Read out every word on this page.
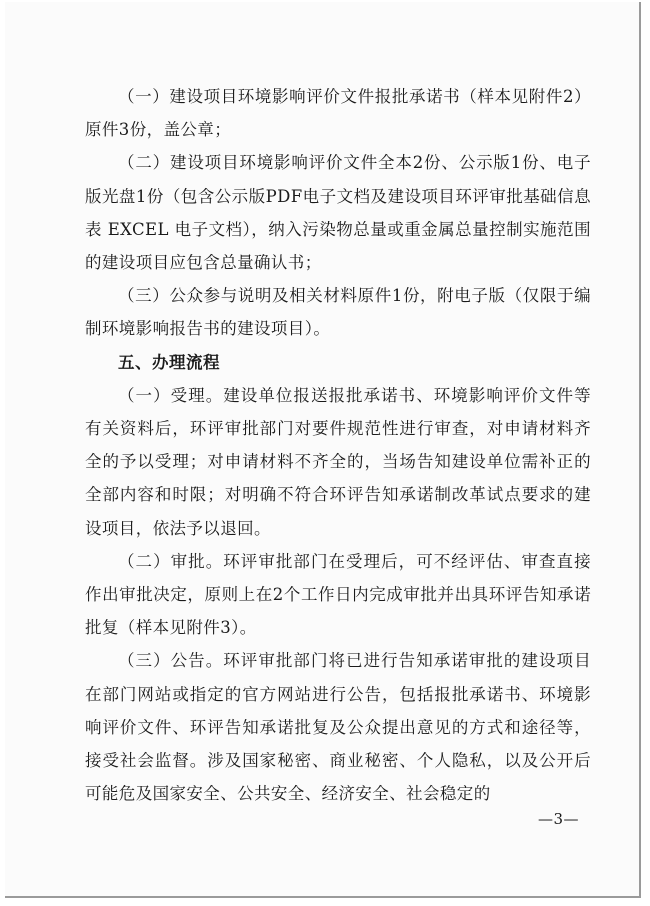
（一）建设项目环境影响评价文件报批承诺书（样本见附件2）原件3份，盖公章；

（二）建设项目环境影响评价文件全本2份、公示版1份、电子版光盘1份（包含公示版PDF电子文档及建设项目环评审批基础信息表 EXCEL 电子文档），纳入污染物总量或重金属总量控制实施范围的建设项目应包含总量确认书；

（三）公众参与说明及相关材料原件1份，附电子版（仅限于编制环境影响报告书的建设项目）。

五、办理流程

（一）受理。建设单位报送报批承诺书、环境影响评价文件等有关资料后，环评审批部门对要件规范性进行审查，对申请材料齐全的予以受理；对申请材料不齐全的，当场告知建设单位需补正的全部内容和时限；对明确不符合环评告知承诺制改革试点要求的建设项目，依法予以退回。

（二）审批。环评审批部门在受理后，可不经评估、审查直接作出审批决定，原则上在2个工作日内完成审批并出具环评告知承诺批复（样本见附件3）。

（三）公告。环评审批部门将已进行告知承诺审批的建设项目在部门网站或指定的官方网站进行公告，包括报批承诺书、环境影响评价文件、环评告知承诺批复及公众提出意见的方式和途径等，接受社会监督。涉及国家秘密、商业秘密、个人隐私，以及公开后可能危及国家安全、公共安全、经济安全、社会稳定的

—3—
